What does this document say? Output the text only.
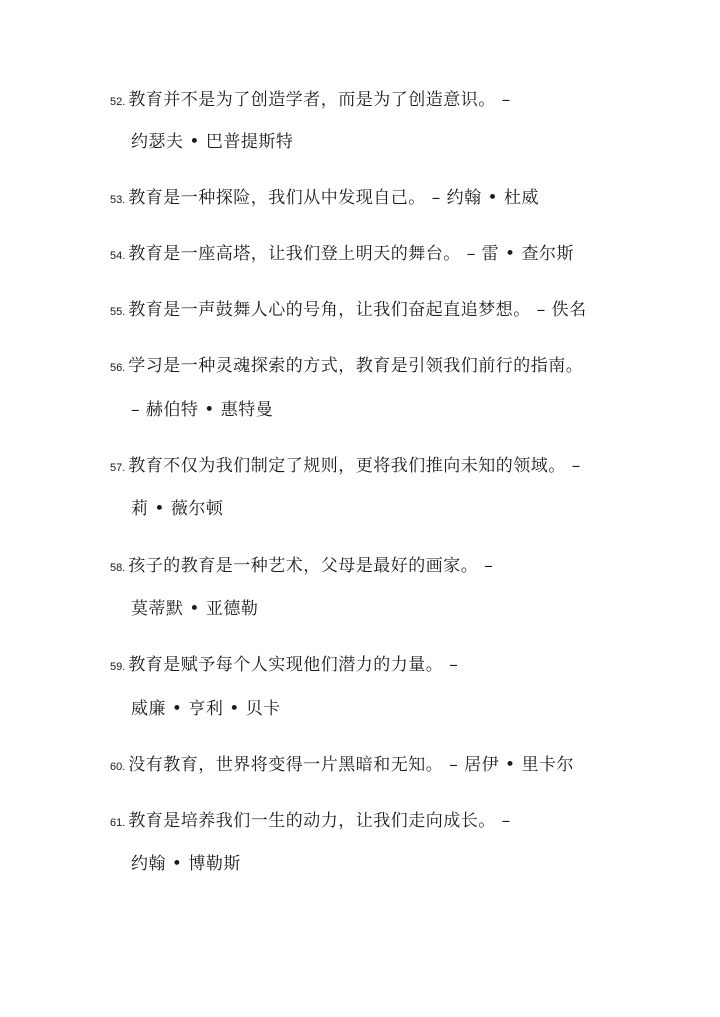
52. 教育并不是为了创造学者，而是为了创造意识。 –
约瑟夫 • 巴普提斯特
53. 教育是一种探险，我们从中发现自己。 – 约翰 • 杜威
54. 教育是一座高塔，让我们登上明天的舞台。 – 雷 • 查尔斯
55. 教育是一声鼓舞人心的号角，让我们奋起直追梦想。 – 佚名
56. 学习是一种灵魂探索的方式，教育是引领我们前行的指南。
– 赫伯特 • 惠特曼
57. 教育不仅为我们制定了规则，更将我们推向未知的领域。 –
莉 • 薇尔顿
58. 孩子的教育是一种艺术，父母是最好的画家。 –
莫蒂默 • 亚德勒
59. 教育是赋予每个人实现他们潜力的力量。 –
威廉 • 亨利 • 贝卡
60. 没有教育，世界将变得一片黑暗和无知。 – 居伊 • 里卡尔
61. 教育是培养我们一生的动力，让我们走向成长。 –
约翰 • 博勒斯
